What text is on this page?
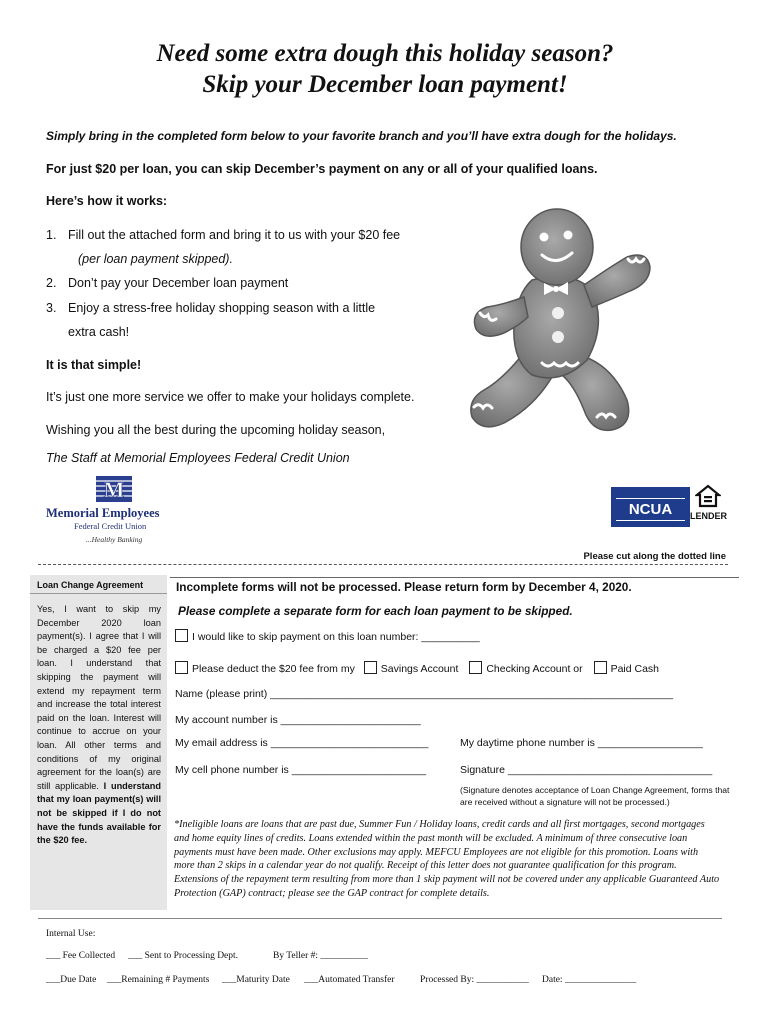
Need some extra dough this holiday season?
Skip your December loan payment!
Simply bring in the completed form below to your favorite branch and you’ll have extra dough for the holidays.
For just $20 per loan, you can skip December’s payment on any or all of your qualified loans.
Here’s how it works:
1. Fill out the attached form and bring it to us with your $20 fee
(per loan payment skipped).
2. Don’t pay your December loan payment
3. Enjoy a stress-free holiday shopping season with a little
extra cash!
It is that simple!
It’s just one more service we offer to make your holidays complete.
Wishing you all the best during the upcoming holiday season,
The Staff at Memorial Employees Federal Credit Union
M
Memorial Employees
Federal Credit Union
...Healthy Banking
NCUA	LENDER
Please cut along the dotted line
Loan Change Agreement
Yes, I want to skip my December 2020 loan payment(s). I agree that I will be charged a $20 fee per loan. I understand that skipping the payment will extend my repayment term and increase the total interest paid on the loan. Interest will continue to accrue on your loan. All other terms and conditions of my original agreement for the loan(s) are still applicable. I understand that my loan payment(s) will not be skipped if I do not have the funds available for the $20 fee.
Incomplete forms will not be processed. Please return form by December 4, 2020.
Please complete a separate form for each loan payment to be skipped.
I would like to skip payment on this loan number: __________
Please deduct the $20 fee from my Savings Account	Checking Account or	Paid Cash
Name (please print) _____________________________________________________________________
My account number is ________________________
My email address is ___________________________	My daytime phone number is __________________
My cell phone number is _______________________	Signature ___________________________________
(Signature denotes acceptance of Loan Change Agreement, forms that are received without a signature will not be processed.)
*Ineligible loans are loans that are past due, Summer Fun / Holiday loans, credit cards and all first mortgages, second mortgages and home equity lines of credits. Loans extended within the past month will be excluded. A minimum of three consecutive loan payments must have been made. Other exclusions may apply. MEFCU Employees are not eligible for this promotion. Loans with more than 2 skips in a calendar year do not qualify. Receipt of this letter does not guarantee qualification for this program. Extensions of the repayment term resulting from more than 1 skip payment will not be covered under any applicable Guaranteed Auto Protection (GAP) contract; please see the GAP contract for complete details.
Internal Use:
___ Fee Collected ___ Sent to Processing Dept.	By Teller #: __________
___Due Date ___Remaining # Payments ___Maturity Date ___Automated Transfer	Processed By: ___________ Date: _______________
